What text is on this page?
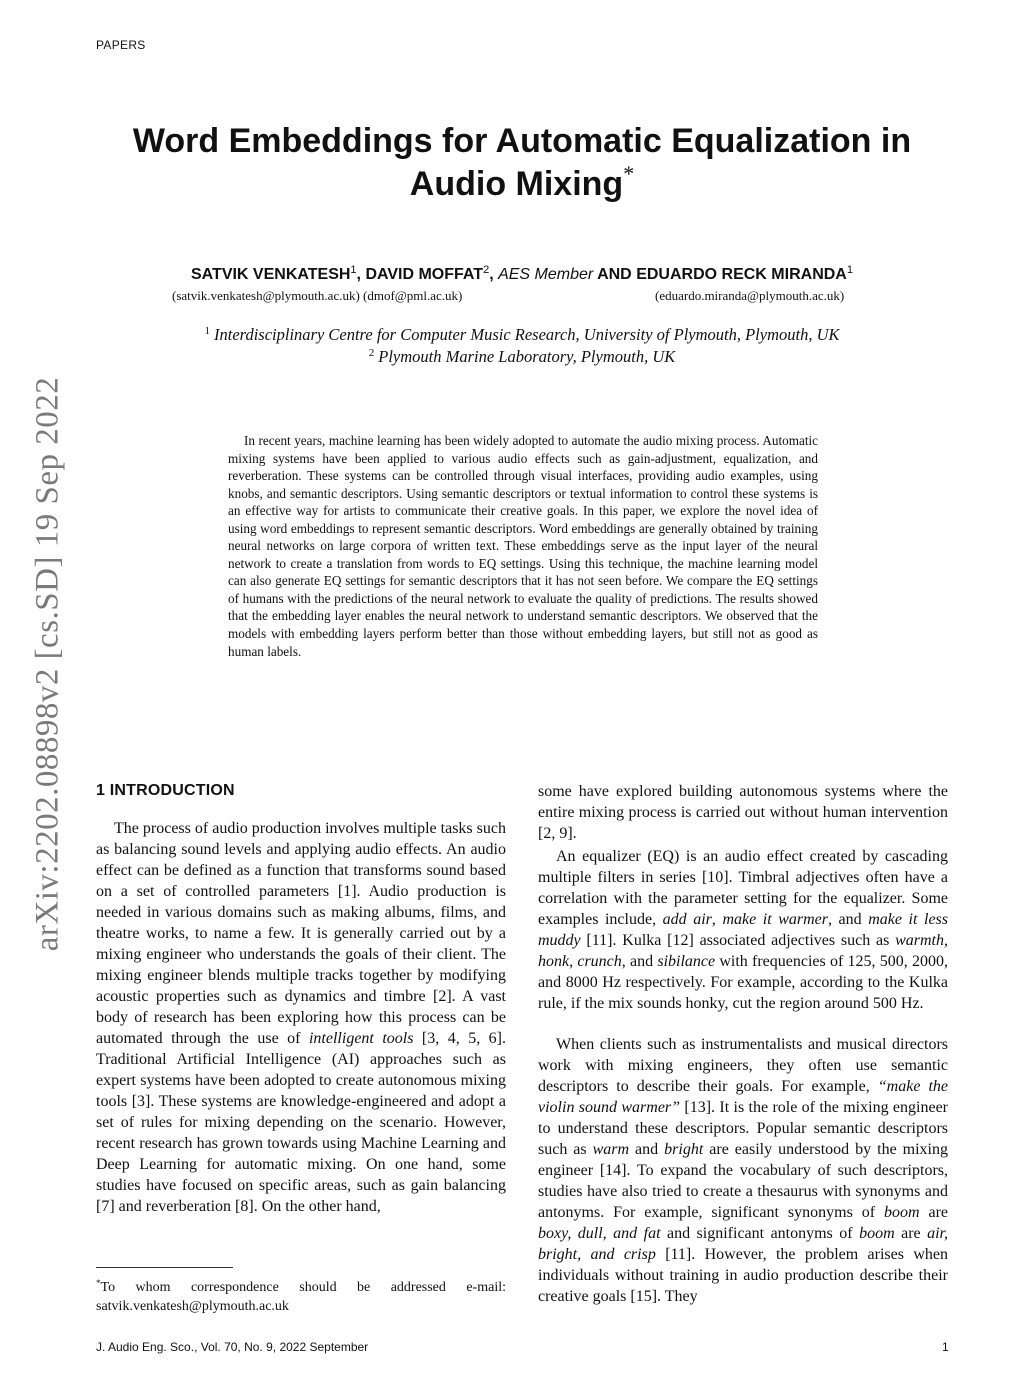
PAPERS
arXiv:2202.08898v2 [cs.SD] 19 Sep 2022
Word Embeddings for Automatic Equalization in
Audio Mixing*
SATVIK VENKATESH$^1$, DAVID MOFFAT$^2$, AES Member AND EDUARDO RECK MIRANDA$^1$
(satvik.venkatesh@plymouth.ac.uk) (dmof@pml.ac.uk)	(eduardo.miranda@plymouth.ac.uk)
$^1$ Interdisciplinary Centre for Computer Music Research, University of Plymouth, Plymouth, UK
$^2$ Plymouth Marine Laboratory, Plymouth, UK

In recent years, machine learning has been widely adopted to automate the audio mixing process. Automatic mixing systems have been applied to various audio effects such as gain-adjustment, equalization, and reverberation. These systems can be controlled through visual interfaces, providing audio examples, using knobs, and semantic descriptors. Using semantic descriptors or textual information to control these systems is an effective way for artists to communicate their creative goals. In this paper, we explore the novel idea of using word embeddings to represent semantic descriptors. Word embeddings are generally obtained by training neural networks on large corpora of written text. These embeddings serve as the input layer of the neural network to create a translation from words to EQ settings. Using this technique, the machine learning model can also generate EQ settings for semantic descriptors that it has not seen before. We compare the EQ settings of humans with the predictions of the neural network to evaluate the quality of predictions. The results showed that the embedding layer enables the neural network to understand semantic descriptors. We observed that the models with embedding layers perform better than those without embedding layers, but still not as good as human labels.

1 INTRODUCTION

The process of audio production involves multiple tasks such as balancing sound levels and applying audio effects. An audio effect can be defined as a function that transforms sound based on a set of controlled parameters [1]. Audio production is needed in various domains such as making albums, films, and theatre works, to name a few. It is generally carried out by a mixing engineer who understands the goals of their client. The mixing engineer blends multiple tracks together by modifying acoustic properties such as dynamics and timbre [2]. A vast body of research has been exploring how this process can be automated through the use of intelligent tools [3, 4, 5, 6]. Traditional Artificial Intelligence (AI) approaches such as expert systems have been adopted to create autonomous mixing tools [3]. These systems are knowledge-engineered and adopt a set of rules for mixing depending on the scenario. However, recent research has grown towards using Machine Learning and Deep Learning for automatic mixing. On one hand, some studies have focused on specific areas, such as gain balancing [7] and reverberation [8]. On the other hand,

some have explored building autonomous systems where the entire mixing process is carried out without human intervention [2, 9].

An equalizer (EQ) is an audio effect created by cascading multiple filters in series [10]. Timbral adjectives often have a correlation with the parameter setting for the equalizer. Some examples include, add air, make it warmer, and make it less muddy [11]. Kulka [12] associated adjectives such as warmth, honk, crunch, and sibilance with frequencies of 125, 500, 2000, and 8000 Hz respectively. For example, according to the Kulka rule, if the mix sounds honky, cut the region around 500 Hz.

When clients such as instrumentalists and musical directors work with mixing engineers, they often use semantic descriptors to describe their goals. For example, “make the violin sound warmer” [13]. It is the role of the mixing engineer to understand these descriptors. Popular semantic descriptors such as warm and bright are easily understood by the mixing engineer [14]. To expand the vocabulary of such descriptors, studies have also tried to create a thesaurus with synonyms and antonyms. For example, significant synonyms of boom are boxy, dull, and fat and significant antonyms of boom are air, bright, and crisp [11]. However, the problem arises when individuals without training in audio production describe their creative goals [15]. They

*To whom correspondence should be addressed e-mail: satvik.venkatesh@plymouth.ac.uk

J. Audio Eng. Sco., Vol. 70, No. 9, 2022 September	1
